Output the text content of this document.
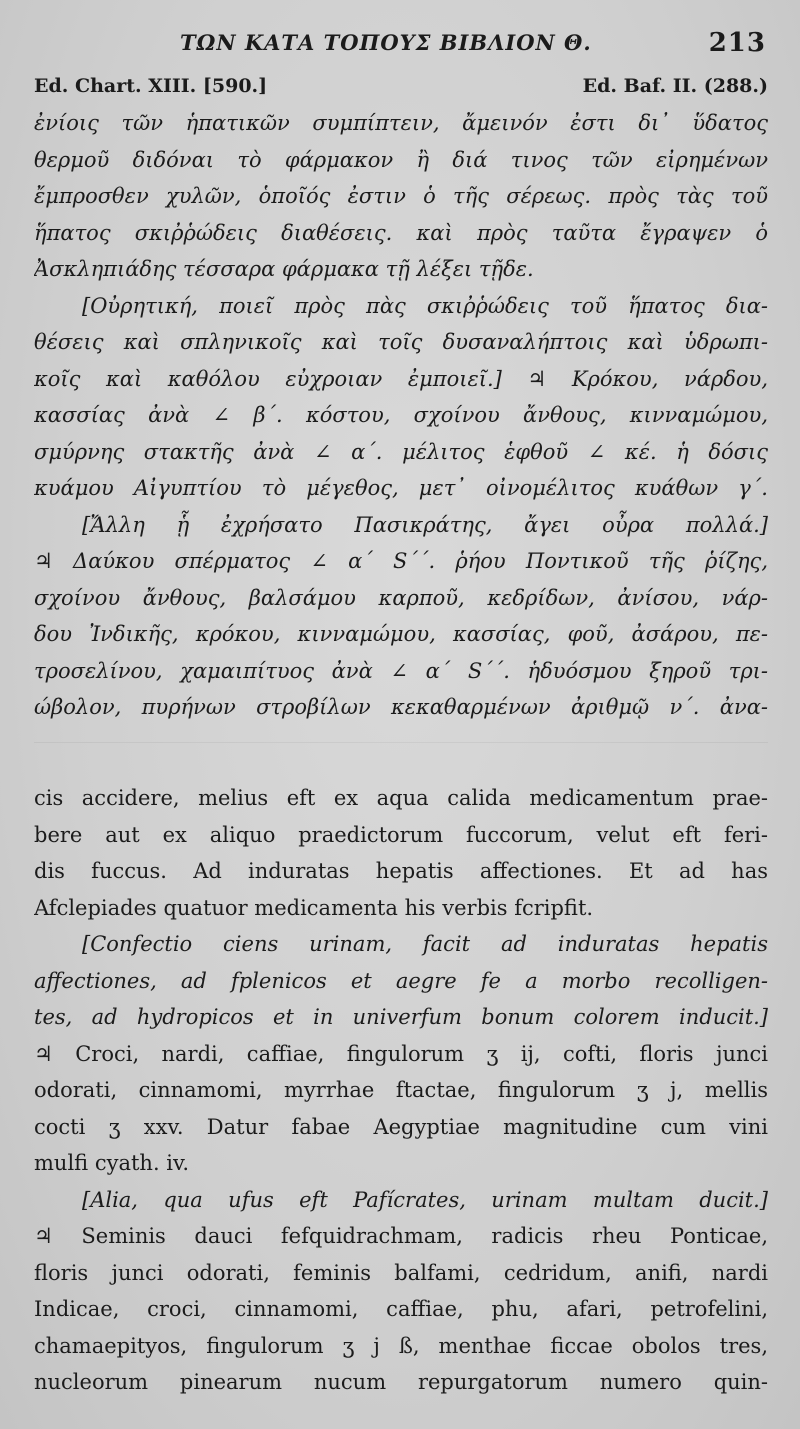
ΤΩΝ ΚΑΤΑ ΤΟΠΟΥΣ ΒΙΒΛΙΟΝ Θ.	213
Ed. Chart. XIII. [590.]	Ed. Baf. II. (288.)
ἐνίοις τῶν ἡπατικῶν συμπίπτειν, ἄμεινόν ἐστι δι᾽ ὕδατος
θερμοῦ διδόναι τὸ φάρμακον ἢ διά τινος τῶν εἰρημένων
ἔμπροσθεν χυλῶν, ὁποῖός ἐστιν ὁ τῆς σέρεως. πρὸς τὰς τοῦ
ἥπατος σκιῤῥώδεις διαθέσεις. καὶ πρὸς ταῦτα ἔγραψεν ὁ
Ἀσκληπιάδης τέσσαρα φάρμακα τῇ λέξει τῇδε.
[Οὐρητική, ποιεῖ πρὸς πὰς σκιῤῥώδεις τοῦ ἥπατος δια-
θέσεις καὶ σπληνικοῖς καὶ τοῖς δυσαναλήπτοις καὶ ὑδρωπι-
κοῖς καὶ καθόλου εὐχροιαν ἐμποιεῖ.] ♃ Κρόκου, νάρδου,
κασσίας ἀνὰ ∠ β΄. κόστου, σχοίνου ἄνθους, κινναμώμου,
σμύρνης στακτῆς ἀνὰ ∠ α΄. μέλιτος ἑφθοῦ ∠ κέ. ἡ δόσις
κυάμου Αἰγυπτίου τὸ μέγεθος, μετ᾽ οἰνομέλιτος κυάθων γ΄.
[Ἄλλη ᾗ ἐχρήσατο Πασικράτης, ἄγει οὖρα πολλά.]
♃ Δαύκου σπέρματος ∠ α΄ S΄΄. ῥήου Ποντικοῦ τῆς ῥίζης,
σχοίνου ἄνθους, βαλσάμου καρποῦ, κεδρίδων, ἀνίσου, νάρ-
δου Ἰνδικῆς, κρόκου, κινναμώμου, κασσίας, φοῦ, ἀσάρου, πε-
τροσελίνου, χαμαιπίτυος ἀνὰ ∠ α΄ S΄΄. ἡδυόσμου ξηροῦ τρι-
ώβολον, πυρήνων στροβίλων κεκαθαρμένων ἀριθμῷ ν΄. ἀνα-
cis accidere, melius eft ex aqua calida medicamentum prae-
bere aut ex aliquo praedictorum fuccorum, velut eft feri-
dis fuccus. Ad induratas hepatis affectiones. Et ad has
Afclepiades quatuor medicamenta his verbis fcripfit.
[Confectio ciens urinam, facit ad induratas hepatis
affectiones, ad fplenicos et aegre fe a morbo recolligen-
tes, ad hydropicos et in univerfum bonum colorem inducit.]
♃ Croci, nardi, caffiae, fingulorum ʒ ij, cofti, floris junci
odorati, cinnamomi, myrrhae ftactae, fingulorum ʒ j, mellis
cocti ʒ xxv. Datur fabae Aegyptiae magnitudine cum vini
mulfi cyath. iv.
[Alia, qua ufus eft Pafícrates, urinam multam ducit.]
♃ Seminis dauci fefquidrachmam, radicis rheu Ponticae,
floris junci odorati, feminis balfami, cedridum, anifi, nardi
Indicae, croci, cinnamomi, caffiae, phu, afari, petrofelini,
chamaepityos, fingulorum ʒ j ß, menthae ficcae obolos tres,
nucleorum pinearum nucum repurgatorum numero quin-
